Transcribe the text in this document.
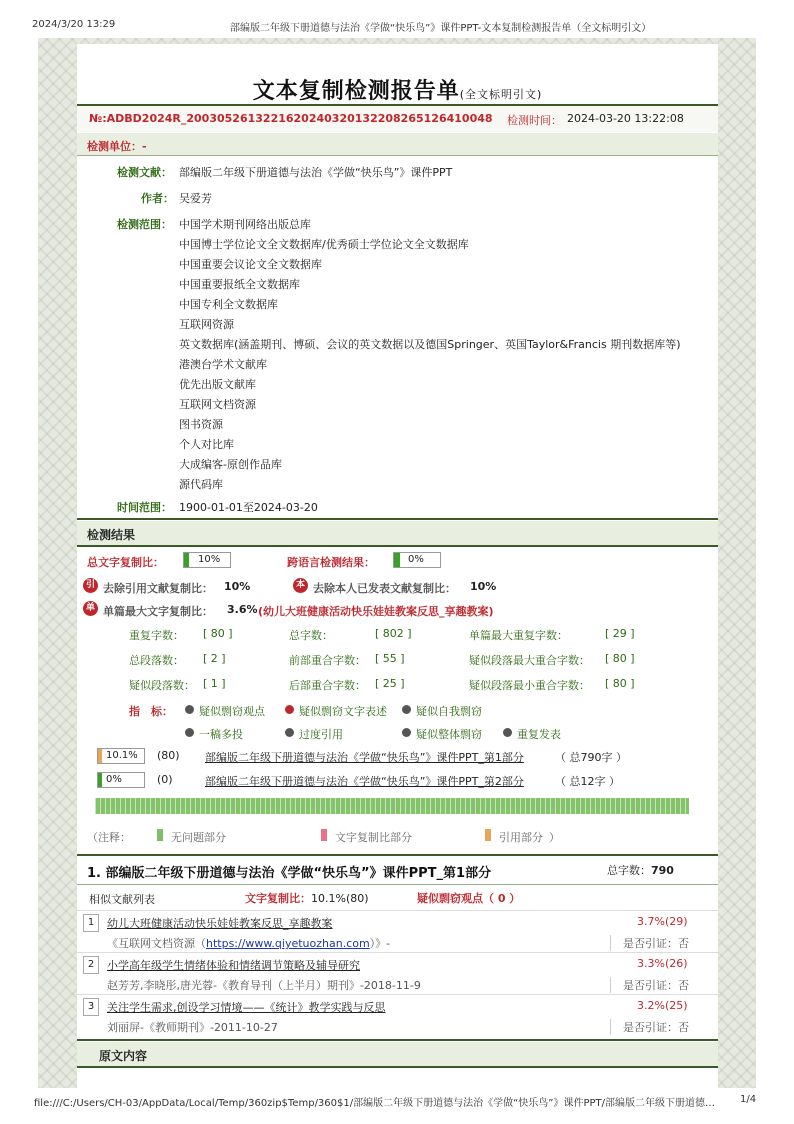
2024/3/20 13:29	部编版二年级下册道德与法治《学做“快乐鸟”》课件PPT-文本复制检测报告单（全文标明引文）
文本复制检测报告单(全文标明引文)
№:ADBD2024R_2003052613221620240320132208265126410048 检测时间： 2024-03-20 13:22:08
检测单位：-
检测文献： 部编版二年级下册道德与法治《学做“快乐鸟”》课件PPT
作者： 吴爱芳
检测范围： 中国学术期刊网络出版总库
中国博士学位论文全文数据库/优秀硕士学位论文全文数据库
中国重要会议论文全文数据库
中国重要报纸全文数据库
中国专利全文数据库
互联网资源
英文数据库(涵盖期刊、博硕、会议的英文数据以及德国Springer、英国Taylor&Francis 期刊数据库等)
港澳台学术文献库
优先出版文献库
互联网文档资源
图书资源
个人对比库
大成编客-原创作品库
源代码库
时间范围： 1900-01-01至2024-03-20
检测结果
总文字复制比：	10%	跨语言检测结果：	0%
引 去除引用文献复制比： 10%	本 去除本人已发表文献复制比： 10%
单 单篇最大文字复制比： 3.6% (幼儿大班健康活动快乐娃娃教案反思_享趣教案)
重复字数： [ 80 ]	总字数：	[ 802 ]	单篇最大重复字数：	[ 29 ]
总段落数： [ 2 ]	前部重合字数： [ 55 ]	疑似段落最大重合字数： [ 80 ]
疑似段落数： [ 1 ]	后部重合字数： [ 25 ]	疑似段落最小重合字数： [ 80 ]
指　标： 疑似剽窃观点	疑似剽窃文字表述	疑似自我剽窃
一稿多投	过度引用	疑似整体剽窃	重复发表
10.1% (80) 部编版二年级下册道德与法治《学做“快乐鸟”》课件PPT_第1部分	（ 总790字 ）
0%	(0)	部编版二年级下册道德与法治《学做“快乐鸟”》课件PPT_第2部分	（ 总12字 ）
（注释：	无问题部分	文字复制比部分	引用部分 ）
1. 部编版二年级下册道德与法治《学做“快乐鸟”》课件PPT_第1部分	总字数：790
相似文献列表	文字复制比：10.1%(80)	疑似剽窃观点（ 0 ）
1	幼儿大班健康活动快乐娃娃教案反思_享趣教案	3.7%(29)
《互联网文档资源（https://www.qiyetuozhan.com）》-	是否引证：否
2	小学高年级学生情绪体验和情绪调节策略及辅导研究	3.3%(26)
赵芳芳,李晓彤,唐光蓉-《教育导刊（上半月）期刊》-2018-11-9	是否引证：否
3	关注学生需求,创设学习情境——《统计》教学实践与反思	3.2%(25)
刘丽屏-《教师期刊》-2011-10-27	是否引证：否
原文内容
file:///C:/Users/CH-03/AppData/Local/Temp/360zip$Temp/360$1/部编版二年级下册道德与法治《学做“快乐鸟”》课件PPT/部编版二年级下册道德…	1/4
